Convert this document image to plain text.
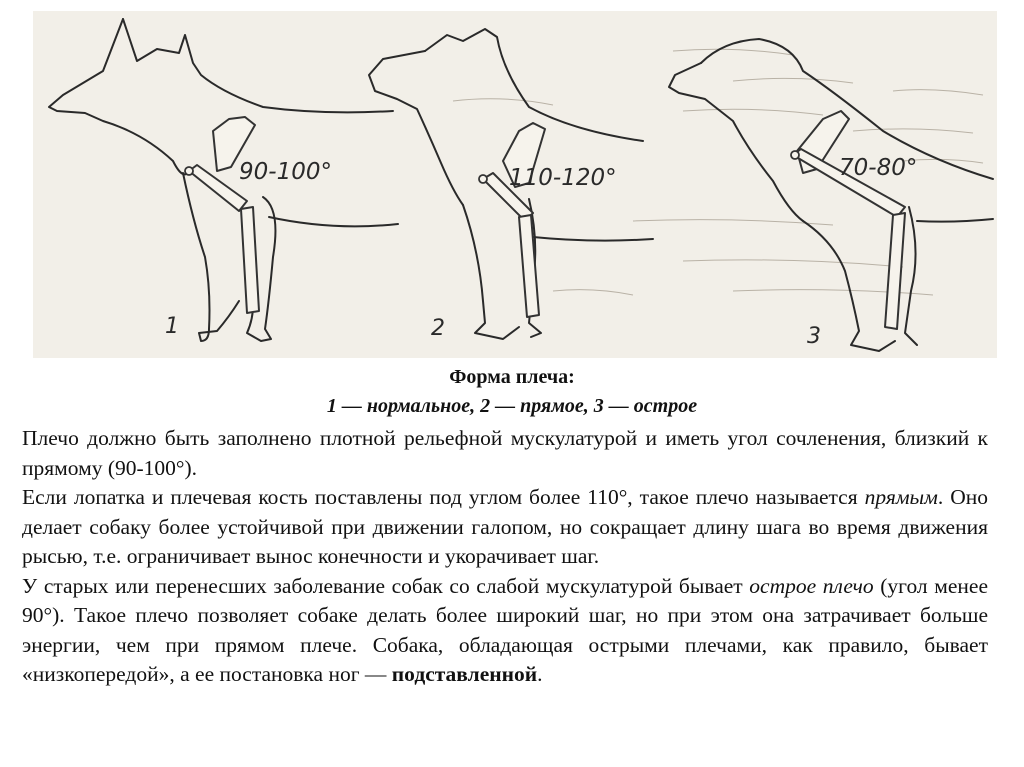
90-100°
1
110-120°
2
70-80°
3
Форма плеча:
1 — нормальное, 2 — прямое, 3 — острое

Плечо должно быть заполнено плотной рельефной мускулатурой и иметь угол сочленения, близкий к прямому (90-100°).

Если лопатка и плечевая кость поставлены под углом более 110°, такое плечо называется прямым. Оно делает собаку более устойчивой при движении галопом, но сокращает длину шага во время движения рысью, т.е. ограничивает вынос конечности и укорачивает шаг.

У старых или перенесших заболевание собак со слабой мускулатурой бывает острое плечо (угол менее 90°). Такое плечо позволяет собаке делать более широкий шаг, но при этом она затрачивает больше энергии, чем при прямом плече. Собака, обладающая острыми плечами, как правило, бывает «низкопередой», а ее постановка ног — подставленной.
